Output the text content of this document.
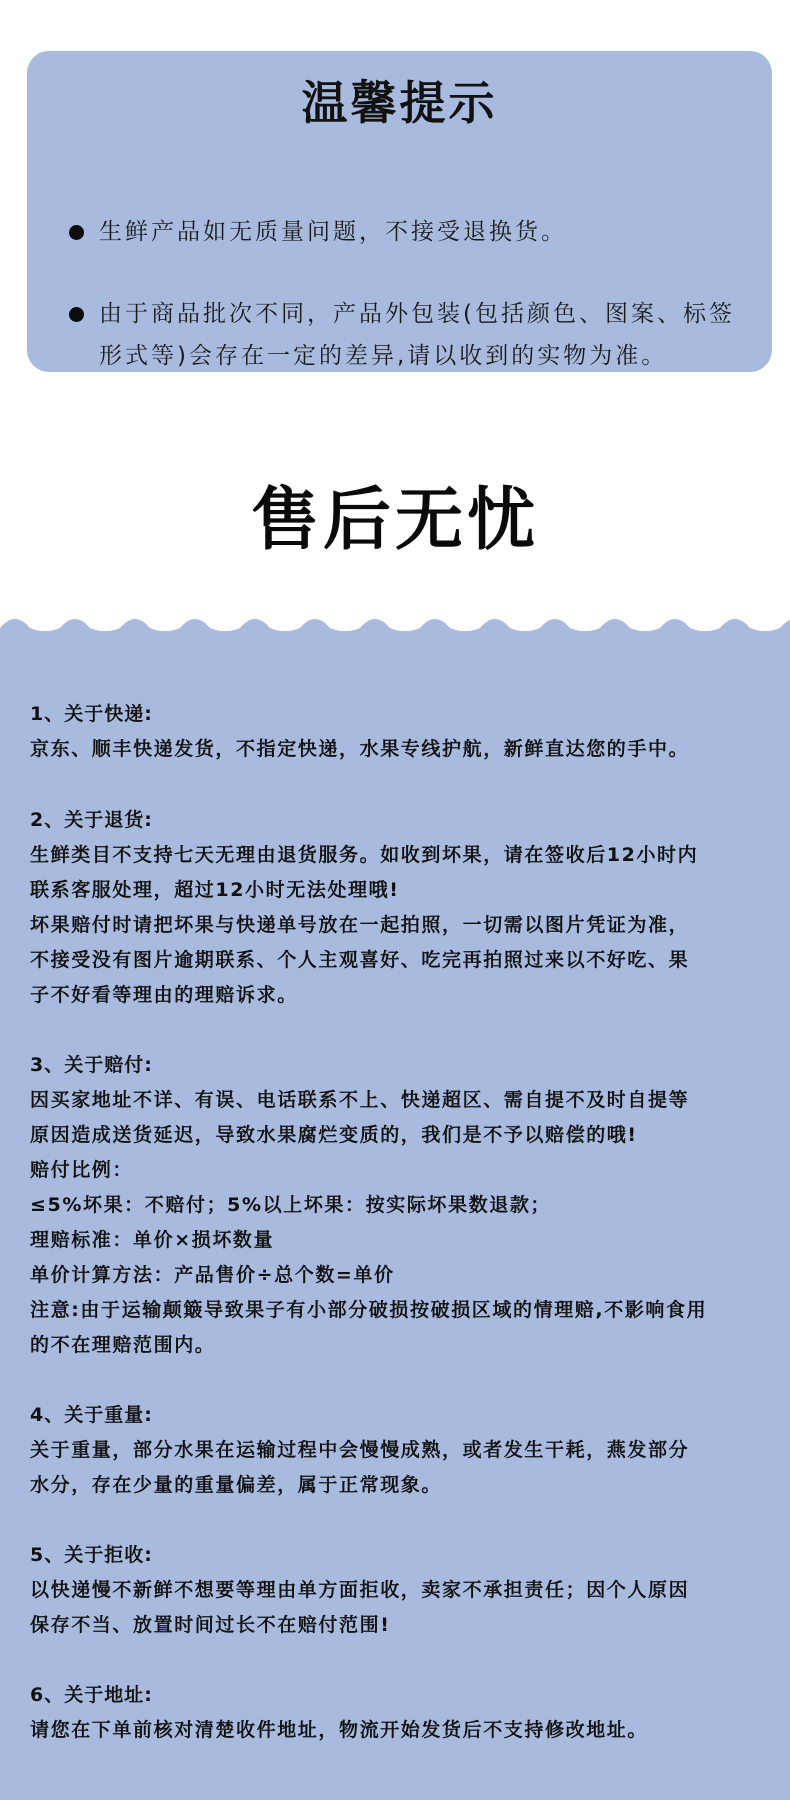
温馨提示
生鲜产品如无质量问题，不接受退换货。
由于商品批次不同，产品外包装(包括颜色、图案、标签形式等)会存在一定的差异,请以收到的实物为准。
售后无忧
1、关于快递:
京东、顺丰快递发货，不指定快递，水果专线护航，新鲜直达您的手中。
2、关于退货:
生鲜类目不支持七天无理由退货服务。如收到坏果，请在签收后12小时内
联系客服处理，超过12小时无法处理哦!
坏果赔付时请把坏果与快递单号放在一起拍照，一切需以图片凭证为准，
不接受没有图片逾期联系、个人主观喜好、吃完再拍照过来以不好吃、果
子不好看等理由的理赔诉求。
3、关于赔付:
因买家地址不详、有误、电话联系不上、快递超区、需自提不及时自提等
原因造成送货延迟，导致水果腐烂变质的，我们是不予以赔偿的哦!
赔付比例：
≤5%坏果：不赔付；5%以上坏果：按实际坏果数退款；
理赔标准：单价×损坏数量
单价计算方法：产品售价÷总个数=单价
注意:由于运输颠簸导致果子有小部分破损按破损区域的情理赔,不影响食用
的不在理赔范围内。
4、关于重量:
关于重量，部分水果在运输过程中会慢慢成熟，或者发生干耗，燕发部分
水分，存在少量的重量偏差，属于正常现象。
5、关于拒收:
以快递慢不新鲜不想要等理由单方面拒收，卖家不承担责任；因个人原因
保存不当、放置时间过长不在赔付范围!
6、关于地址:
请您在下单前核对清楚收件地址，物流开始发货后不支持修改地址。
